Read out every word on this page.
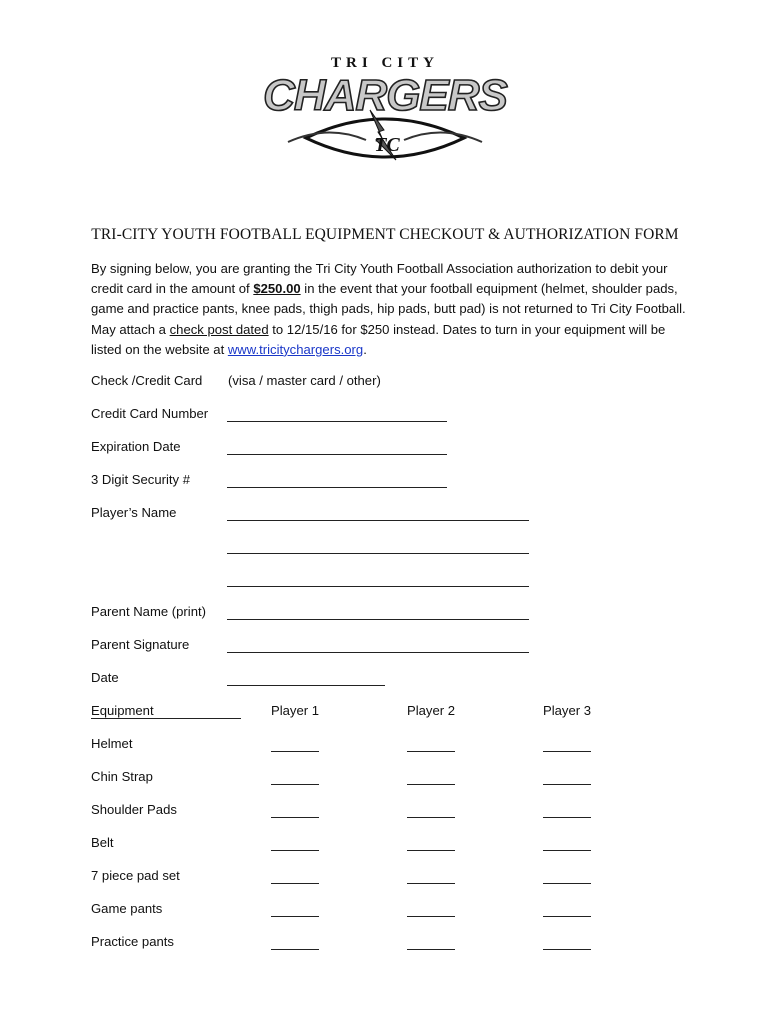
TRI CITY
CHARGERS
TC
TRI-CITY YOUTH FOOTBALL EQUIPMENT CHECKOUT & AUTHORIZATION FORM
By signing below, you are granting the Tri City Youth Football Association authorization to debit your credit card in the amount of $250.00 in the event that your football equipment (helmet, shoulder pads, game and practice pants, knee pads, thigh pads, hip pads, butt pad) is not returned to Tri City Football. May attach a check post dated to 12/15/16 for $250 instead. Dates to turn in your equipment will be listed on the website at www.tricitychargers.org.
Check /Credit Card (visa / master card / other)
Credit Card Number
Expiration Date
3 Digit Security #
Player’s Name
Parent Name (print)
Parent Signature
Date
Equipment	Player 1	Player 2	Player 3
Helmet
Chin Strap
Shoulder Pads
Belt
7 piece pad set
Game pants
Practice pants
